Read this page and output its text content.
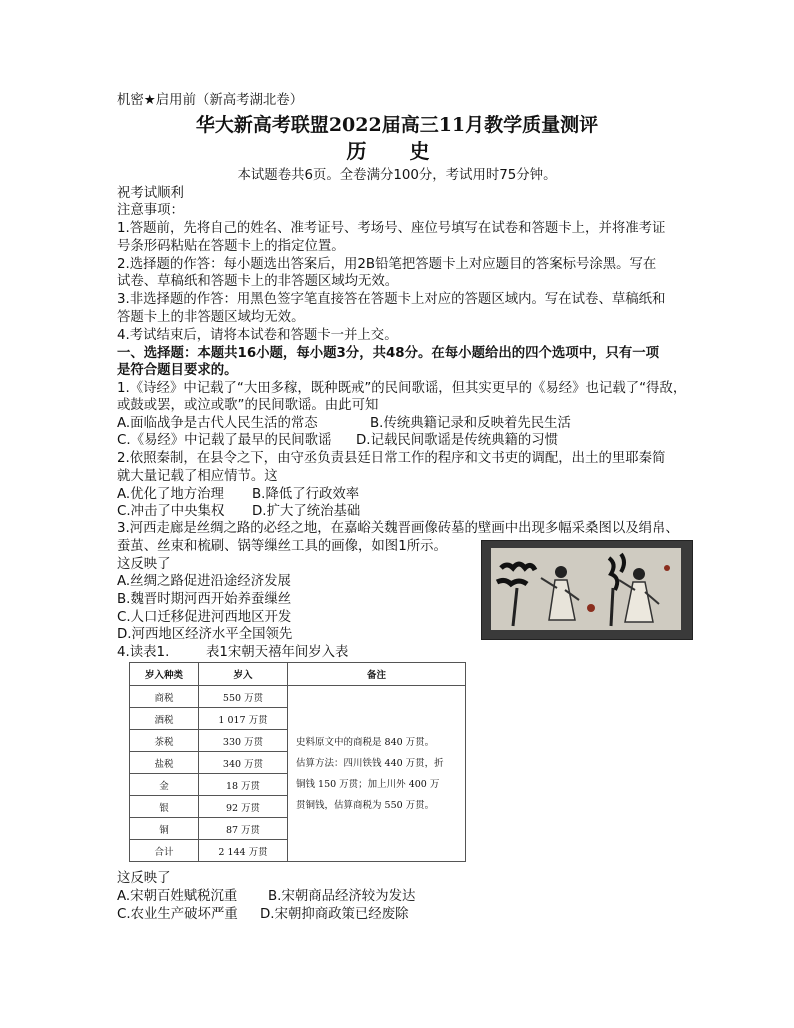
机密★启用前（新高考湖北卷）
华大新高考联盟2022届高三11月教学质量测评
历 史
本试题卷共6页。全卷满分100分，考试用时75分钟。
祝考试顺利
注意事项：
1.答题前，先将自己的姓名、准考证号、考场号、座位号填写在试卷和答题卡上，并将准考证
号条形码粘贴在答题卡上的指定位置。
2.选择题的作答：每小题选出答案后，用2B铅笔把答题卡上对应题目的答案标号涂黑。写在
试卷、草稿纸和答题卡上的非答题区域均无效。
3.非选择题的作答：用黑色签字笔直接答在答题卡上对应的答题区域内。写在试卷、草稿纸和
答题卡上的非答题区域均无效。
4.考试结束后，请将本试卷和答题卡一并上交。
一、选择题：本题共16小题，每小题3分，共48分。在每小题给出的四个选项中，只有一项
是符合题目要求的。
1.《诗经》中记载了“大田多稼，既种既戒”的民间歌谣，但其实更早的《易经》也记载了“得敌，
或鼓或罢，或泣或歌”的民间歌谣。由此可知
A.面临战争是古代人民生活的常态	B.传统典籍记录和反映着先民生活
C.《易经》中记载了最早的民间歌谣 D.记载民间歌谣是传统典籍的习惯
2.依照秦制，在县令之下，由守丞负责县廷日常工作的程序和文书吏的调配，出土的里耶秦简
就大量记载了相应情节。这
A.优化了地方治理 B.降低了行政效率
C.冲击了中央集权 D.扩大了统治基础
3.河西走廊是丝绸之路的必经之地，在嘉峪关魏晋画像砖墓的壁画中出现多幅采桑图以及绢帛、
蚕茧、丝束和梳刷、锅等缫丝工具的画像，如图1所示。
这反映了
A.丝绸之路促进沿途经济发展
B.魏晋时期河西开始养蚕缫丝
C.人口迁移促进河西地区开发
D.河西地区经济水平全国领先
4.读表1.	表1宋朝天禧年间岁入表
岁入种类	岁入	备注
商税	550 万贯	史料原文中的商税是 840 万贯。
估算方法：四川铁钱 440 万贯，折
铜钱 150 万贯；加上川外 400 万
贯铜钱，估算商税为 550 万贯。

酒税	1 017 万贯	
茶税	330 万贯	
盐税	340 万贯	
金	18 万贯	
银	92 万贯	
铜	87 万贯	
合计	2 144 万贯	
这反映了
A.宋朝百姓赋税沉重 B.宋朝商品经济较为发达
C.农业生产破坏严重 D.宋朝抑商政策已经废除
